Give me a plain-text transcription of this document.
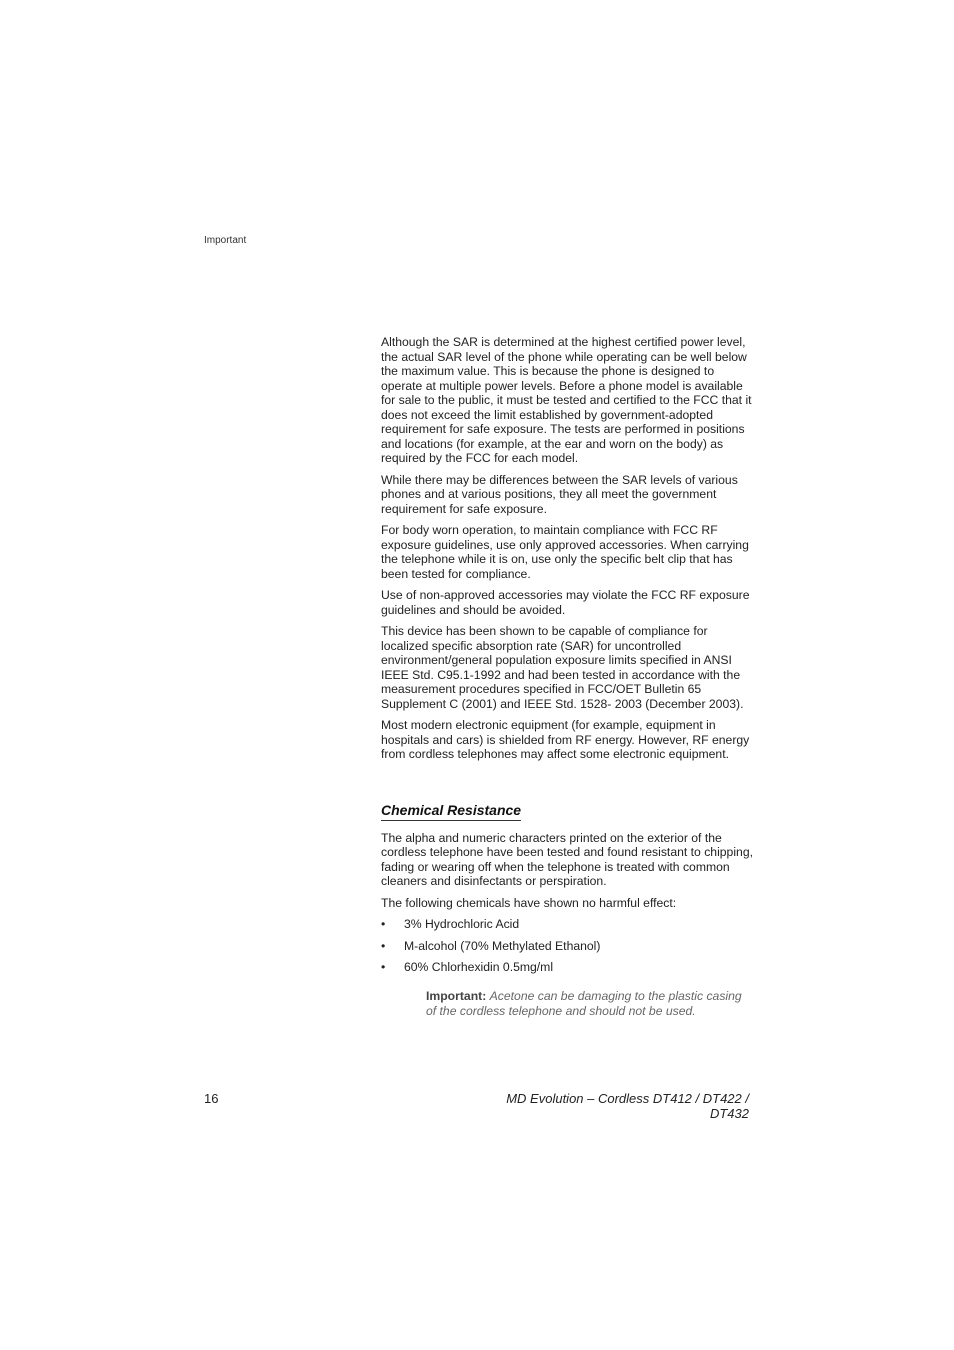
Important

Although the SAR is determined at the highest certified power level, the actual SAR level of the phone while operating can be well below the maximum value. This is because the phone is designed to operate at multiple power levels. Before a phone model is available for sale to the public, it must be tested and certified to the FCC that it does not exceed the limit established by government-adopted requirement for safe exposure. The tests are performed in positions and locations (for example, at the ear and worn on the body) as required by the FCC for each model.

While there may be differences between the SAR levels of various phones and at various positions, they all meet the government requirement for safe exposure.

For body worn operation, to maintain compliance with FCC RF exposure guidelines, use only approved accessories. When carrying the telephone while it is on, use only the specific belt clip that has been tested for compliance.

Use of non-approved accessories may violate the FCC RF exposure guidelines and should be avoided.

This device has been shown to be capable of compliance for localized specific absorption rate (SAR) for uncontrolled environment/general population exposure limits specified in ANSI IEEE Std. C95.1-1992 and had been tested in accordance with the measurement procedures specified in FCC/OET Bulletin 65 Supplement C (2001) and IEEE Std. 1528- 2003 (December 2003).

Most modern electronic equipment (for example, equipment in hospitals and cars) is shielded from RF energy. However, RF energy from cordless telephones may affect some electronic equipment.

Chemical Resistance

The alpha and numeric characters printed on the exterior of the cordless telephone have been tested and found resistant to chipping, fading or wearing off when the telephone is treated with common cleaners and disinfectants or perspiration.

The following chemicals have shown no harmful effect:

• 3% Hydrochloric Acid
• M-alcohol (70% Methylated Ethanol)
• 60% Chlorhexidin 0.5mg/ml

Important: Acetone can be damaging to the plastic casing of the cordless telephone and should not be used.

16	MD Evolution – Cordless DT412 / DT422 / DT432
